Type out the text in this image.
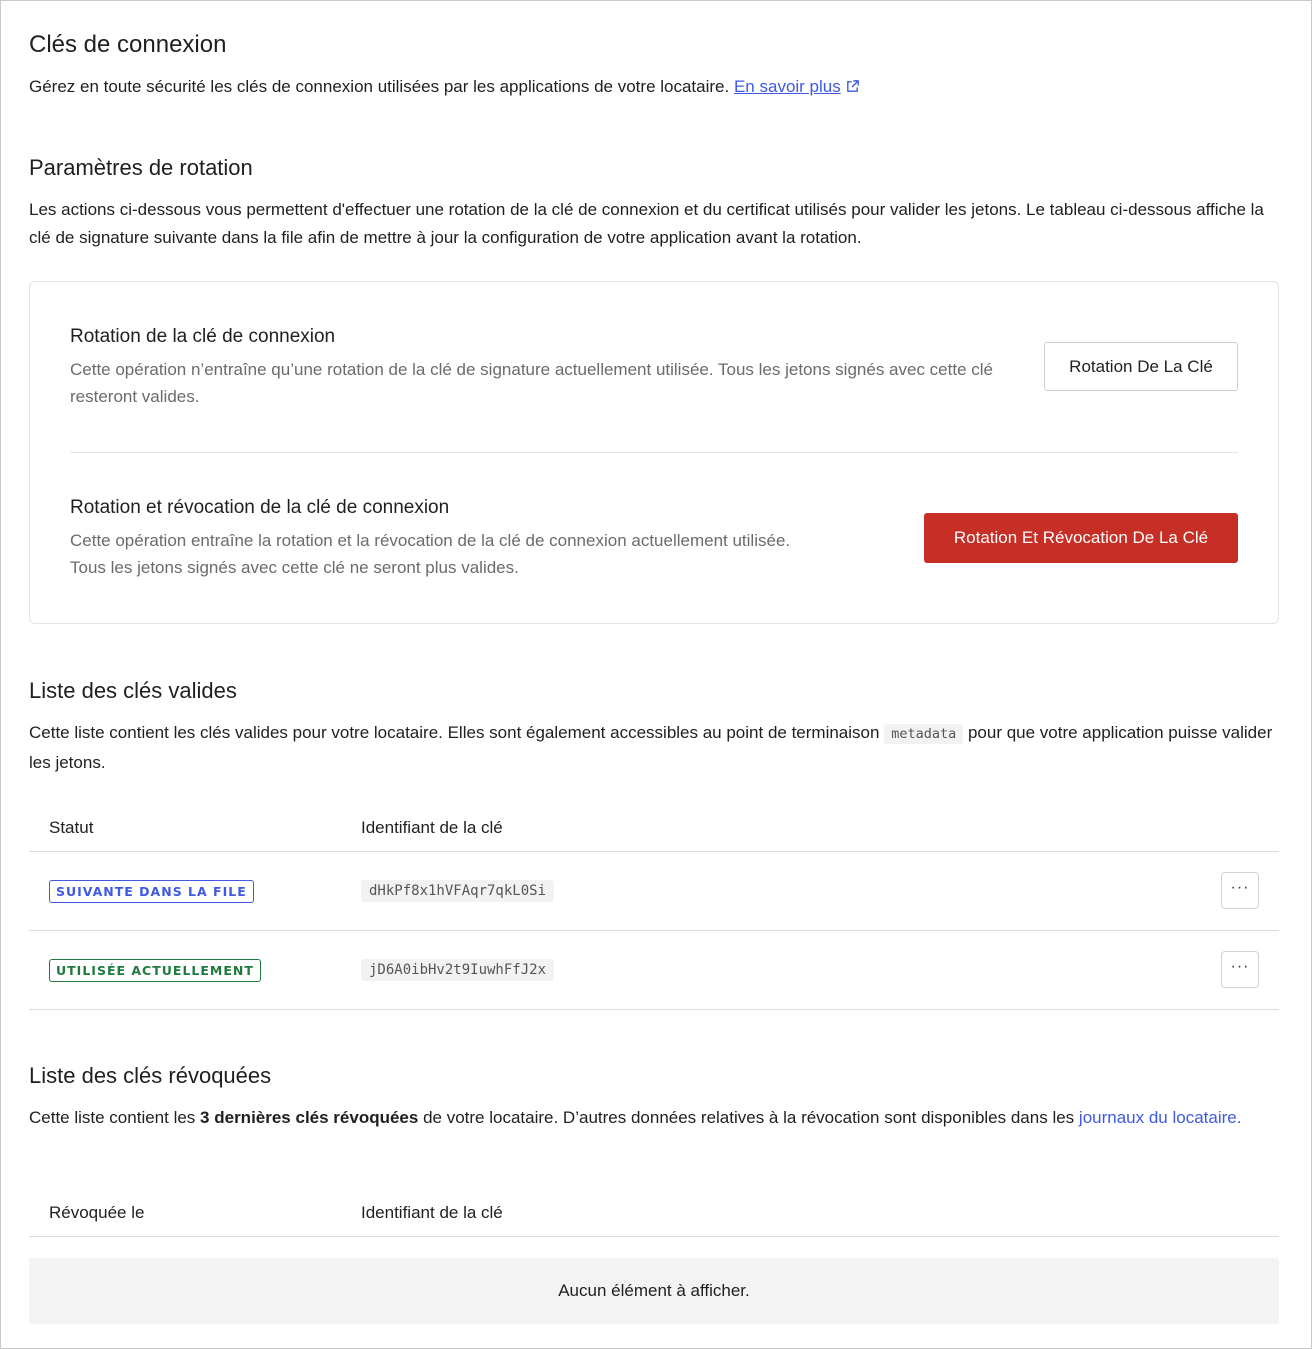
Clés de connexion

Gérez en toute sécurité les clés de connexion utilisées par les applications de votre locataire. En savoir plus

Paramètres de rotation

Les actions ci-dessous vous permettent d'effectuer une rotation de la clé de connexion et du certificat utilisés pour valider les jetons. Le tableau ci-dessous affiche la clé de signature suivante dans la file afin de mettre à jour la configuration de votre application avant la rotation.

Rotation de la clé de connexion

Cette opération n’entraîne qu’une rotation de la clé de signature actuellement utilisée. Tous les jetons signés avec cette clé resteront valides.

Rotation De La Clé
Rotation et révocation de la clé de connexion

Cette opération entraîne la rotation et la révocation de la clé de connexion actuellement utilisée. Tous les jetons signés avec cette clé ne seront plus valides.

Rotation Et Révocation De La Clé
Liste des clés valides

Cette liste contient les clés valides pour votre locataire. Elles sont également accessibles au point de terminaison metadata pour que votre application puisse valider les jetons.

Statut	Identifiant de la clé
SUIVANTE DANS LA FILE	dHkPf8x1hVFAqr7qkL0Si	···
UTILISÉE ACTUELLEMENT	jD6A0ibHv2t9IuwhFfJ2x	···
Liste des clés révoquées

Cette liste contient les 3 dernières clés révoquées de votre locataire. D’autres données relatives à la révocation sont disponibles dans les journaux du locataire.

Révoquée le	Identifiant de la clé
Aucun élément à afficher.
